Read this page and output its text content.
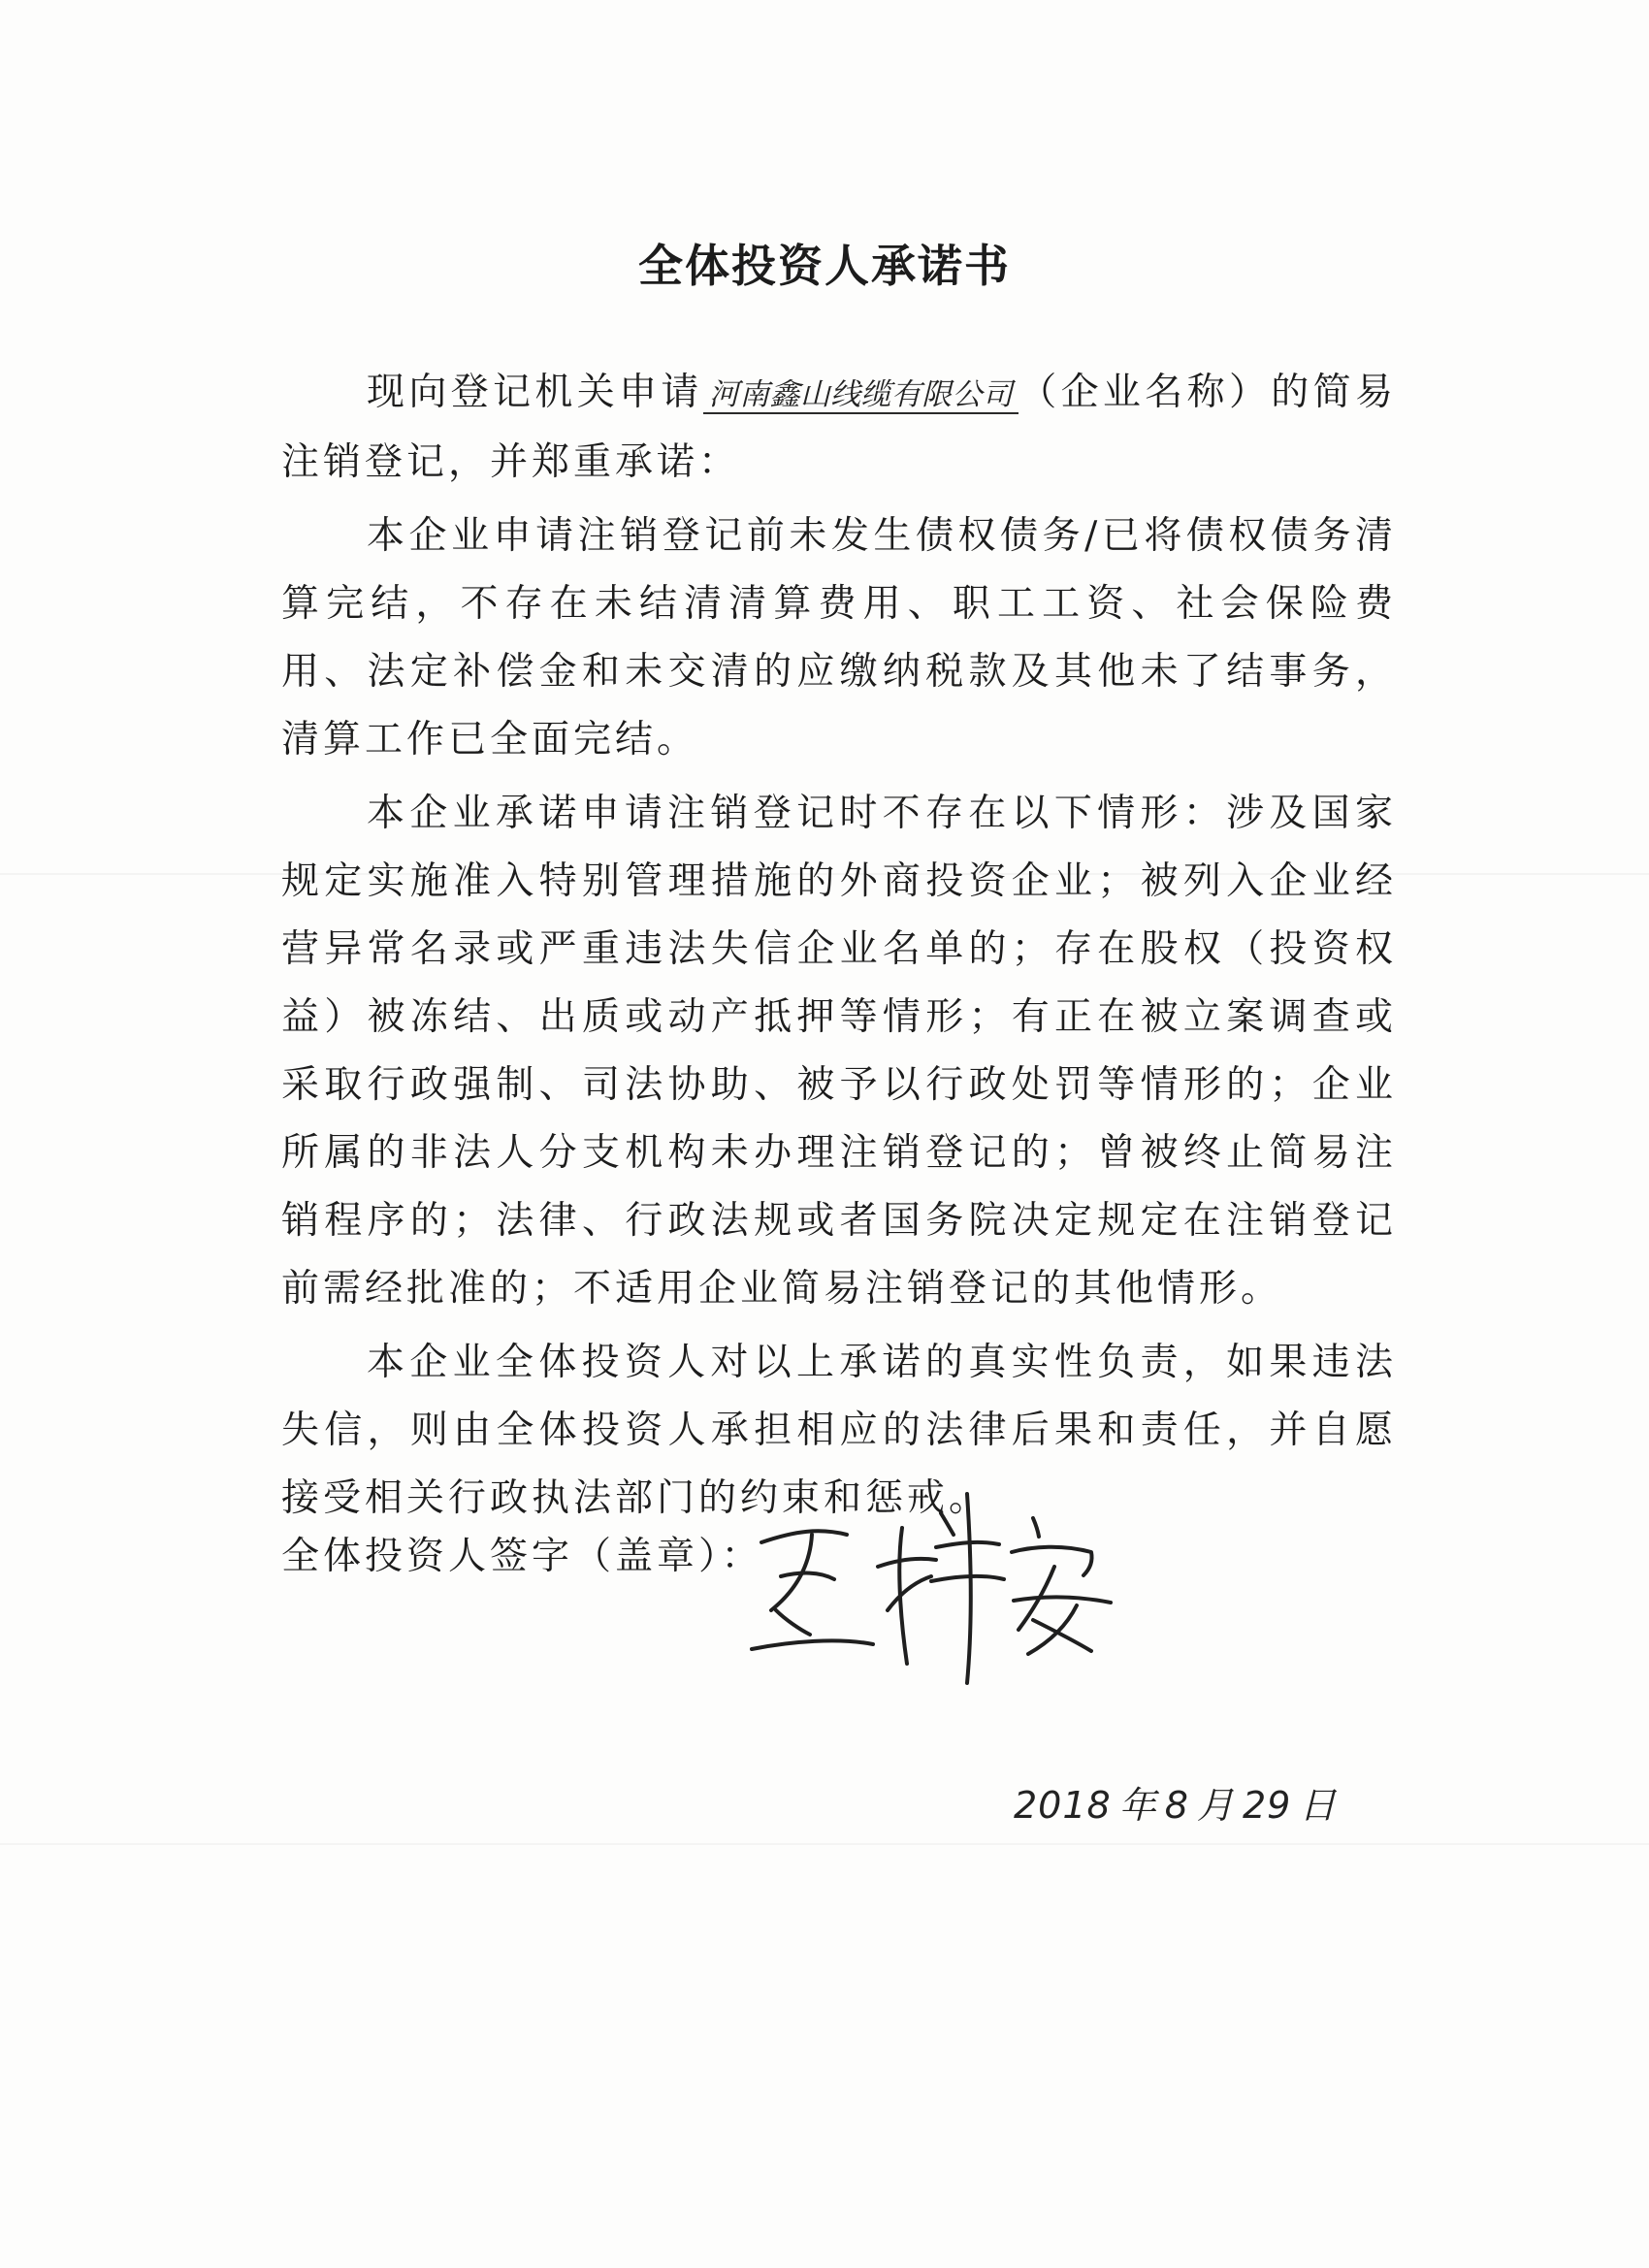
全体投资人承诺书

现向登记机关申请 河南鑫山线缆有限公司 （企业名称）的简易注销登记，并郑重承诺：

本企业申请注销登记前未发生债权债务/已将债权债务清算完结，不存在未结清清算费用、职工工资、社会保险费用、法定补偿金和未交清的应缴纳税款及其他未了结事务，清算工作已全面完结。

本企业承诺申请注销登记时不存在以下情形：涉及国家规定实施准入特别管理措施的外商投资企业；被列入企业经营异常名录或严重违法失信企业名单的；存在股权（投资权益）被冻结、出质或动产抵押等情形；有正在被立案调查或采取行政强制、司法协助、被予以行政处罚等情形的；企业所属的非法人分支机构未办理注销登记的；曾被终止简易注销程序的；法律、行政法规或者国务院决定规定在注销登记前需经批准的；不适用企业简易注销登记的其他情形。

本企业全体投资人对以上承诺的真实性负责，如果违法失信，则由全体投资人承担相应的法律后果和责任，并自愿接受相关行政执法部门的约束和惩戒。

全体投资人签字（盖章）：
2018 年 8 月 29 日
